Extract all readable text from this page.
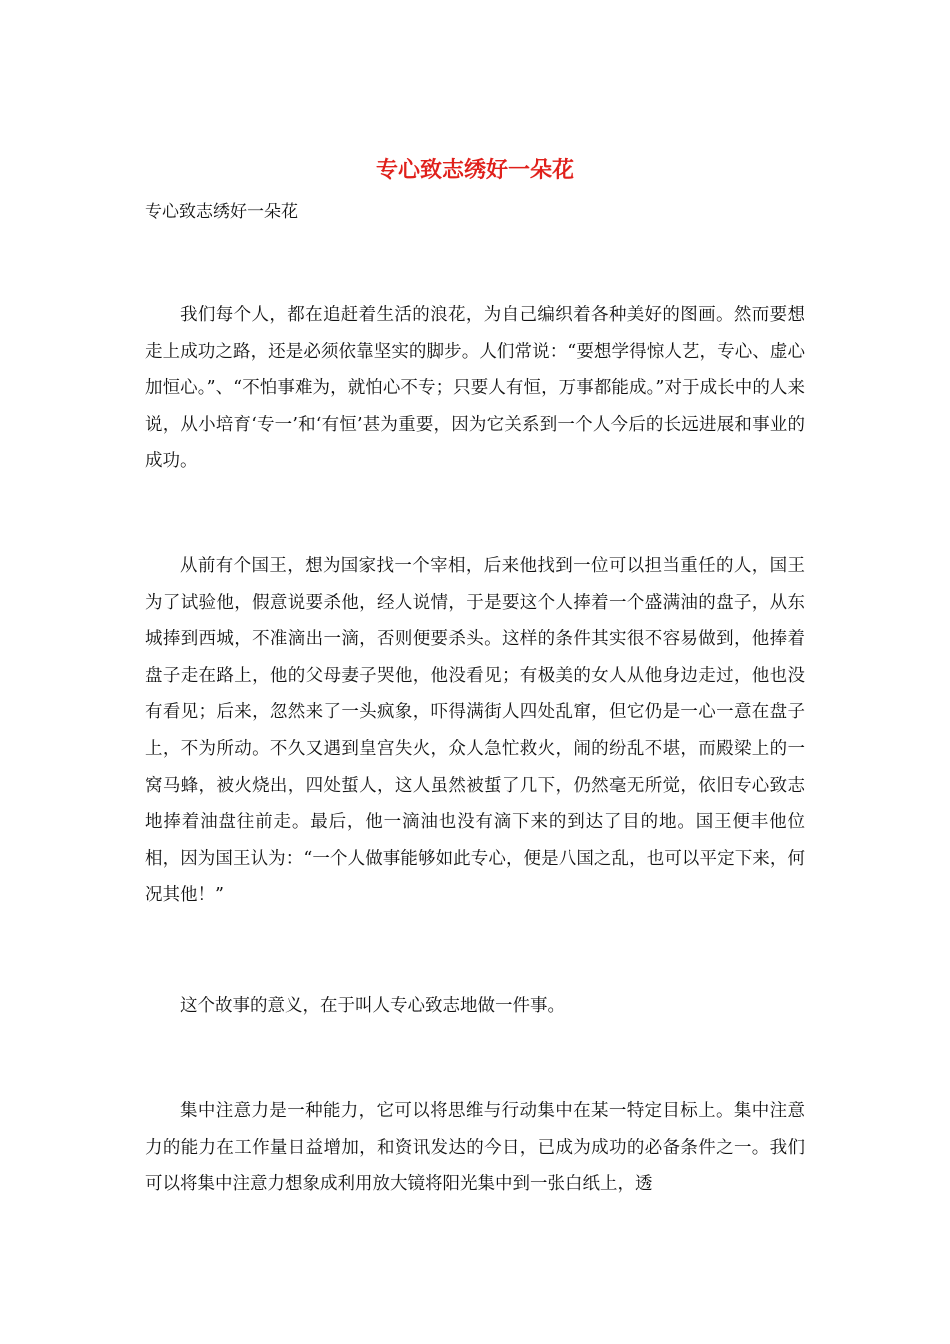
专心致志绣好一朵花

专心致志绣好一朵花

我们每个人，都在追赶着生活的浪花，为自己编织着各种美好的图画。然而要想走上成功之路，还是必须依靠坚实的脚步。人们常说：“要想学得惊人艺，专心、虚心加恒心。”、“不怕事难为，就怕心不专；只要人有恒，万事都能成。”对于成长中的人来说，从小培育‘专一’和‘有恒’甚为重要，因为它关系到一个人今后的长远进展和事业的成功。

从前有个国王，想为国家找一个宰相，后来他找到一位可以担当重任的人，国王为了试验他，假意说要杀他，经人说情，于是要这个人捧着一个盛满油的盘子，从东城捧到西城，不准滴出一滴，否则便要杀头。这样的条件其实很不容易做到，他捧着盘子走在路上，他的父母妻子哭他，他没看见；有极美的女人从他身边走过，他也没有看见；后来，忽然来了一头疯象，吓得满街人四处乱窜，但它仍是一心一意在盘子上，不为所动。不久又遇到皇宫失火，众人急忙救火，闹的纷乱不堪，而殿梁上的一窝马蜂，被火烧出，四处蜇人，这人虽然被蜇了几下，仍然毫无所觉，依旧专心致志地捧着油盘往前走。最后，他一滴油也没有滴下来的到达了目的地。国王便丰他位相，因为国王认为：“一个人做事能够如此专心，便是八国之乱，也可以平定下来，何况其他！”

这个故事的意义，在于叫人专心致志地做一件事。

集中注意力是一种能力，它可以将思维与行动集中在某一特定目标上。集中注意力的能力在工作量日益增加，和资讯发达的今日，已成为成功的必备条件之一。我们可以将集中注意力想象成利用放大镜将阳光集中到一张白纸上，透
